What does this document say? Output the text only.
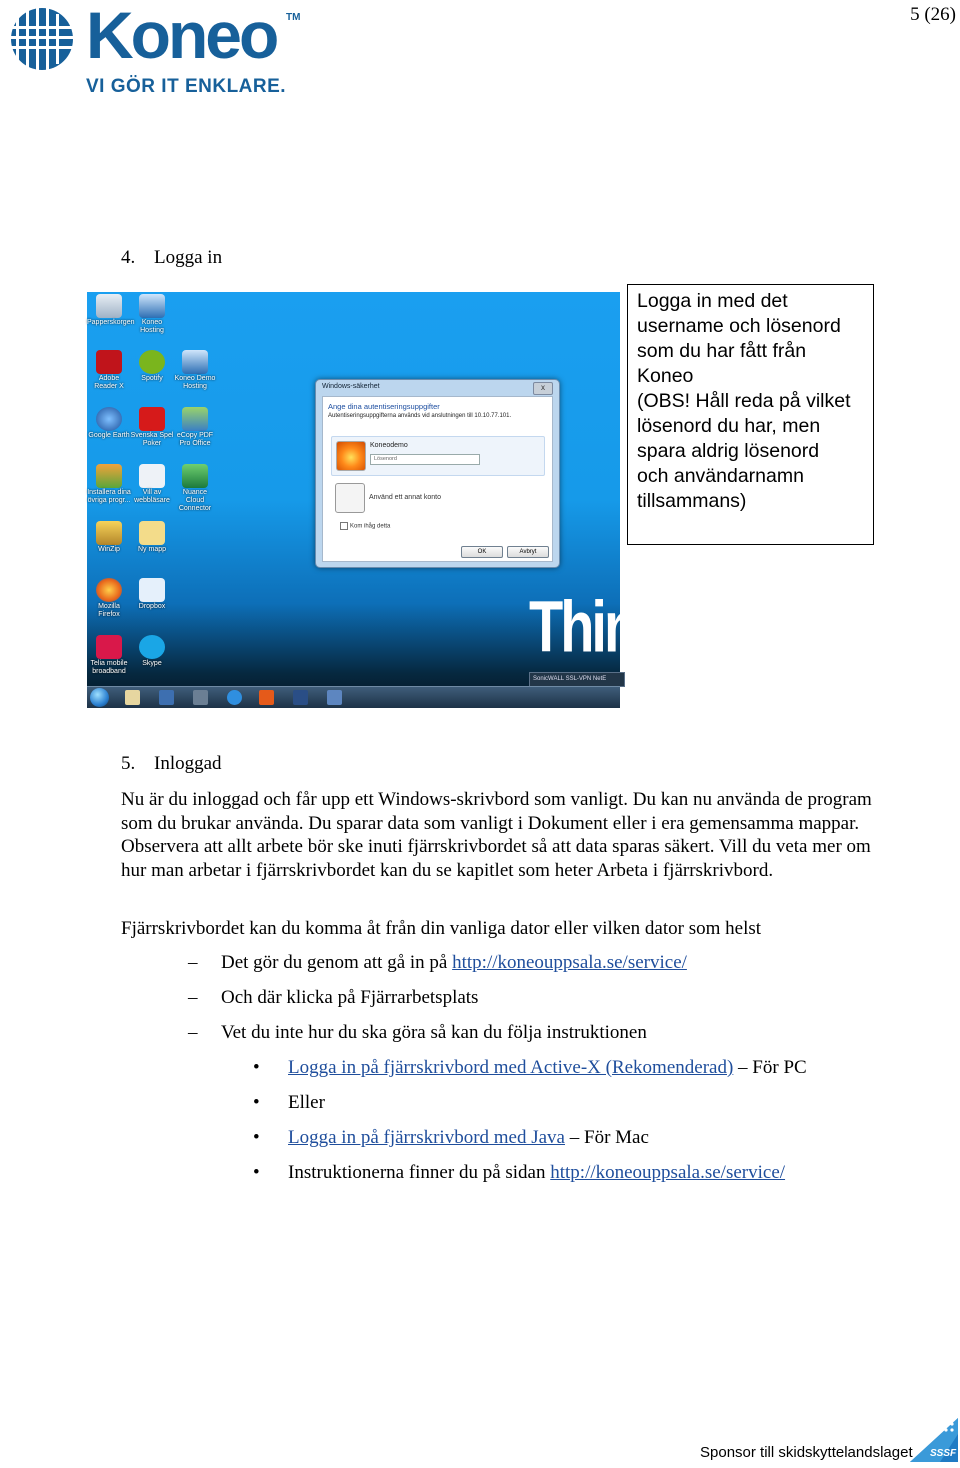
Koneo TM
VI GÖR IT ENKLARE.
5 (26)
4. Logga in
Papperskorgen	Koneo Hosting
Adobe Reader X
Spotify	Koneo Demo Hosting
Google Earth Svenska Spel Poker
eCopy PDF Pro Office
Installera dina övriga progr...
Vill av webbläsare
Nuance Cloud Connector
WinZip	Ny mapp
Mozilla Firefox
Dropbox
Telia mobile broadband
Skype
Windows-säkerhet	x
Ange dina autentiseringsuppgifter
Autentiseringsuppgifterna används vid anslutningen till 10.10.77.101.
Koneodemo
Lösenord
Använd ett annat konto
Kom ihåg detta
OK	Avbryt
Think
SonicWALL SSL-VPN NetE
Logga in med det
username och lösenord
som du har fått från
Koneo
(OBS! Håll reda på vilket
lösenord du har, men
spara aldrig lösenord
och användarnamn
tillsammans)
5. Inloggad
Nu är du inloggad och får upp ett Windows-skrivbord som vanligt. Du kan nu använda de program som du brukar använda. Du sparar data som vanligt i Dokument eller i era gemensamma mappar. Observera att allt arbete bör ske inuti fjärrskrivbordet så att data sparas säkert. Vill du veta mer om hur man arbetar i fjärrskrivbordet kan du se kapitlet som heter Arbeta i fjärrskrivbord.
Fjärrskrivbordet kan du komma åt från din vanliga dator eller vilken dator som helst
– Det gör du genom att gå in på http://koneouppsala.se/service/
– Och där klicka på Fjärrarbetsplats
– Vet du inte hur du ska göra så kan du följa instruktionen
• Logga in på fjärrskrivbord med Active-X (Rekomenderad) – För PC
• Eller
• Logga in på fjärrskrivbord med Java – För Mac
• Instruktionerna finner du på sidan http://koneouppsala.se/service/
Sponsor till skidskyttelandslaget SSSF
